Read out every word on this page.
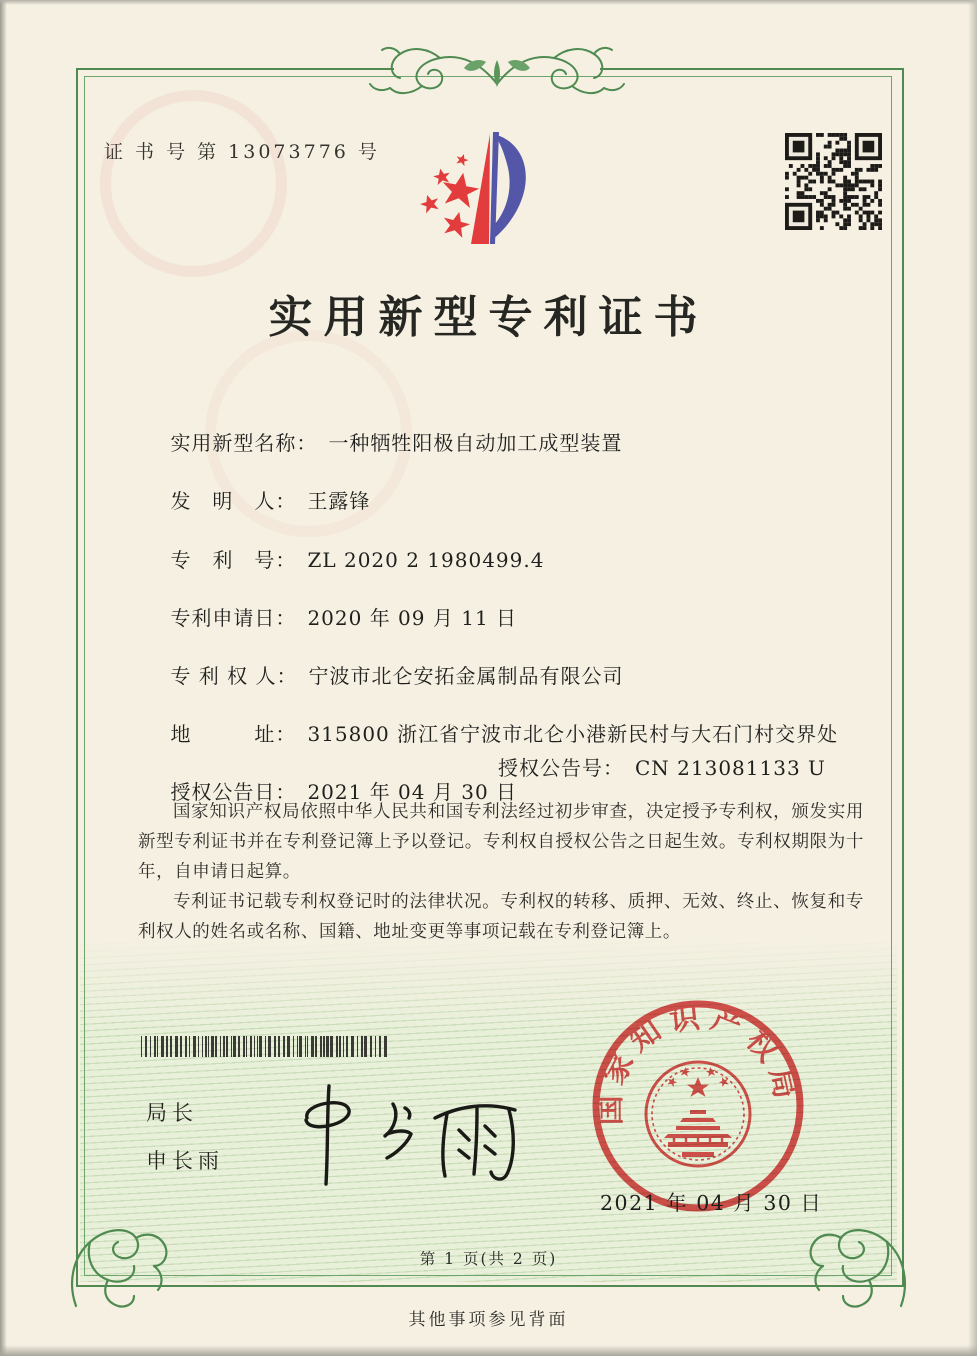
证 书 号 第 13073776 号
实用新型专利证书

实用新型名称： 一种牺牲阳极自动加工成型装置

发　明　人： 王露锋

专　利　号： ZL 2020 2 1980499.4

专利申请日： 2020 年 09 月 11 日

专 利 权 人： 宁波市北仑安拓金属制品有限公司

地　　　址： 315800 浙江省宁波市北仑小港新民村与大石门村交界处

授权公告日： 2021 年 04 月 30 日

授权公告号： CN 213081133 U

国家知识产权局依照中华人民共和国专利法经过初步审查，决定授予专利权，颁发实用新型专利证书并在专利登记簿上予以登记。专利权自授权公告之日起生效。专利权期限为十年，自申请日起算。

专利证书记载专利权登记时的法律状况。专利权的转移、质押、无效、终止、恢复和专利权人的姓名或名称、国籍、地址变更等事项记载在专利登记簿上。

局长
申长雨
国家知识产权局
2021 年 04 月 30 日
第 1 页(共 2 页)
其他事项参见背面
